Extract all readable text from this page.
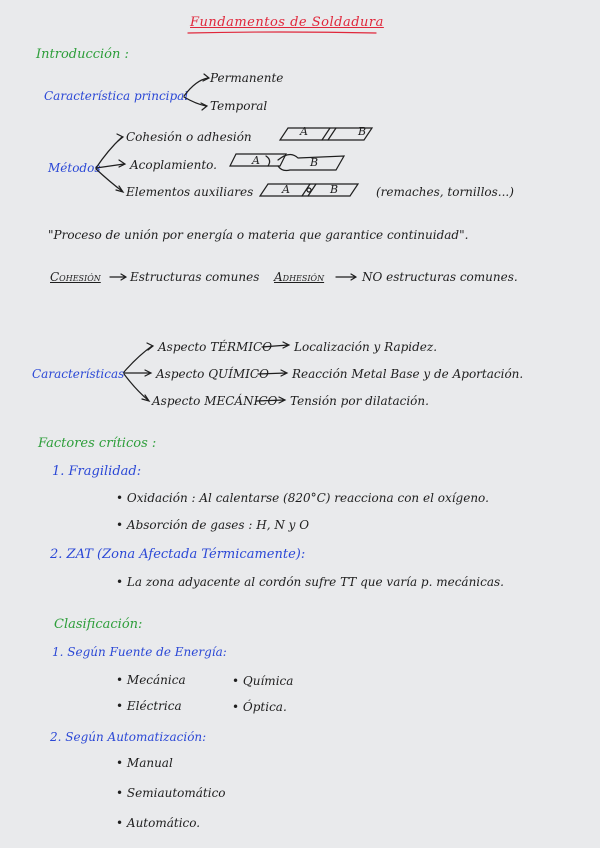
Fundamentos de Soldadura
Introducción :
Característica principal
Permanente
Temporal
Métodos
Cohesión o adhesión
Acoplamiento.
Elementos auxiliares	(remaches, tornillos...)
A	B
A	B
A	B
"Proceso de unión por energía o materia que garantice continuidad".
Cohesión Estructuras comunes Adhesión	NO estructuras comunes.
Características
Aspecto TÉRMICO Localización y Rapidez.
Aspecto QUÍMICO Reacción Metal Base y de Aportación.
Aspecto MECÁNICO Tensión por dilatación.
Factores críticos :
1. Fragilidad:
• Oxidación : Al calentarse (820°C) reacciona con el oxígeno.
• Absorción de gases : H, N y O
2. ZAT (Zona Afectada Térmicamente):
• La zona adyacente al cordón sufre TT que varía p. mecánicas.
Clasificación:
1. Según Fuente de Energía:
• Mecánica
• Eléctrica
• Química
• Óptica.
2. Según Automatización:
• Manual
• Semiautomático
• Automático.
